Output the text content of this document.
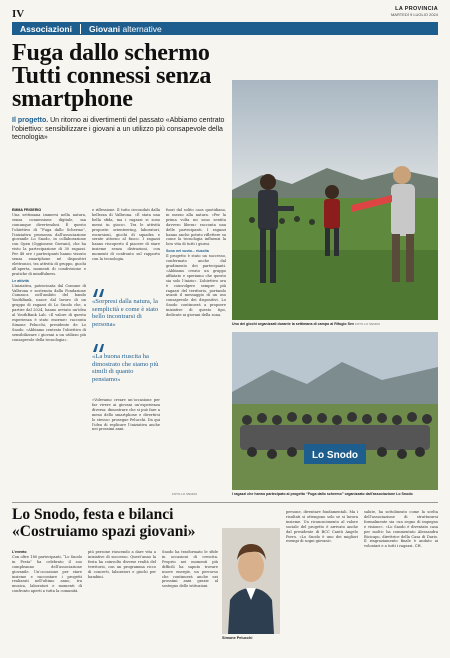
IV	LA PROVINCIA
MARTEDÌ 9 LUGLIO 2024
Associazioni	Giovani alternative
Fuga dallo schermo Tutti connessi senza smartphone
Il progetto. Un ritorno ai divertimenti del passato «Abbiamo centrato l’obiettivo: sensibilizzare i giovani a un utilizzo più consapevole della tecnologia»
EMMA FRIGERIO
Una settimana immersi nella natura, senza connessione digitale, ma comunque divertendosi. È questo l’obiettivo di “Fuga dallo Schermo”, l’iniziativa promossa dall’associazione giovanile Lo Snodo, in collaborazione con Open (Oggionese Giovani), che ha visto la partecipazione di 30 ragazzi. Per 48 ore i partecipanti hanno vissuto senza smartphone né dispositivi elettronici, tra attività di gruppo, giochi all’aperta, momenti di condivisione e pratiche di mindfulness.
Le attività
L’iniziativa, patrocinata dal Comune di Valbrona e sostenuta dalla Fondazione Comasca nell’ambito del bando YouthBank, nasce dal lavoro di un gruppo di ragazzi di Lo Snodo che, a partire dal 2024, hanno avviato un’idea al YouthBank Lab. «Il valore di questa esperienza è stato enorme» racconta Simone Pelucchi, presidente de Lo Snodo. «Abbiamo centrato l’obiettivo di sensibilizzare i giovani a un utilizzo più consapevole della tecnologia».
e riflessione. Il tutto circondati dalla bellezza di Valbrona. «È stata una bella sfida, ma i ragazzi si sono messi in gioco». Tra le attività proposte: orienteering, laboratori, escursioni, giochi di squadra e serate attorno al fuoco. I ragazzi hanno riscoperto il piacere di stare insieme senza distrazioni, con momenti di confronto sul rapporto con la tecnologia.
«Sorpresi dalla natura, la semplicità e come è stato bello incontrarsi di persona»
«La buona riuscita ha dimostrato che siamo più simili di quanto pensiamo»
«Volevamo creare un’occasione per far vivere ai giovani un’esperienza diversa: dimostrare che si può fare a meno dello smartphone e divertirsi lo stesso» prosegue Pelucchi. Da qui l’idea di replicare l’iniziativa anche nei prossimi anni.
fuori dal solito caos quotidiano, in mezzo alla natura. «Per la prima volta mi sono sentita davvero libera» racconta una delle partecipanti. I ragazzi hanno anche potuto riflettere su come la tecnologia influenzi la loro vita di tutti i giorni.
Sono nel vuoto... riuscita
Il progetto è stato un successo, confermato anche dal gradimento dei partecipanti. «Abbiamo creato un gruppo affiatato e speriamo che questo sia solo l’inizio». L’obiettivo ora è coinvolgere sempre più ragazzi del territorio, portando avanti il messaggio di un uso consapevole dei dispositivi. Lo Snodo continuerà a proporre iniziative di questo tipo, dedicate ai giovani della zona.
Uno dei giochi organizzati durante la settimana di campo al Rifugio Sev FOTO LO SNODO
Lo Snodo
I ragazzi che hanno partecipato al progetto “Fuga dallo schermo” organizzato dall’associazione Lo Snodo
FOTO LO SNODO
Lo Snodo, festa e bilanci «Costruiamo spazi giovani»
L’evento
Con oltre 180 partecipanti, “Lo Snodo in Festa” ha celebrato il suo compleanno dell’associazione giovanile. Un’occasione per stare insieme e raccontare i progetti realizzati nell’ultimo anno, tra musica, laboratori e momenti di confronto aperti a tutta la comunità.
più persone riuscendo a dare vita a iniziative di successo. Quest’anno la festa ha coinvolto diverse realtà del territorio, con un programma ricco di concerti, laboratori e giochi per bambini.
Snodo ha trasformato le sfide in occasioni di crescita. Proprio nei momenti più difficili ha saputo trovare nuove energie, un percorso che continuerà anche nei prossimi anni grazie al sostegno delle istituzioni.
Simone Pelucchi
persone, diventare fondamentali. Ma i risultati si ottengono solo se si lavora insieme. Un riconoscimento al valore sociale del progetto è arrivato anche dal presidente di BCC Cantù Angelo Porro. «Lo Snodo è uno dei migliori esempi di sogni giovani».
salute, ha sottolineato come la scelta dell’associazione di strutturarsi formalmente sia «un segno di impegno e visione». «Lo Snodo è diventato casa per molti» ha commentato Alessandra Bicicapo, direttrice della Casa di Dario. Il ringraziamento finale è andato ai volontari e a tutti i ragazzi. CH.
